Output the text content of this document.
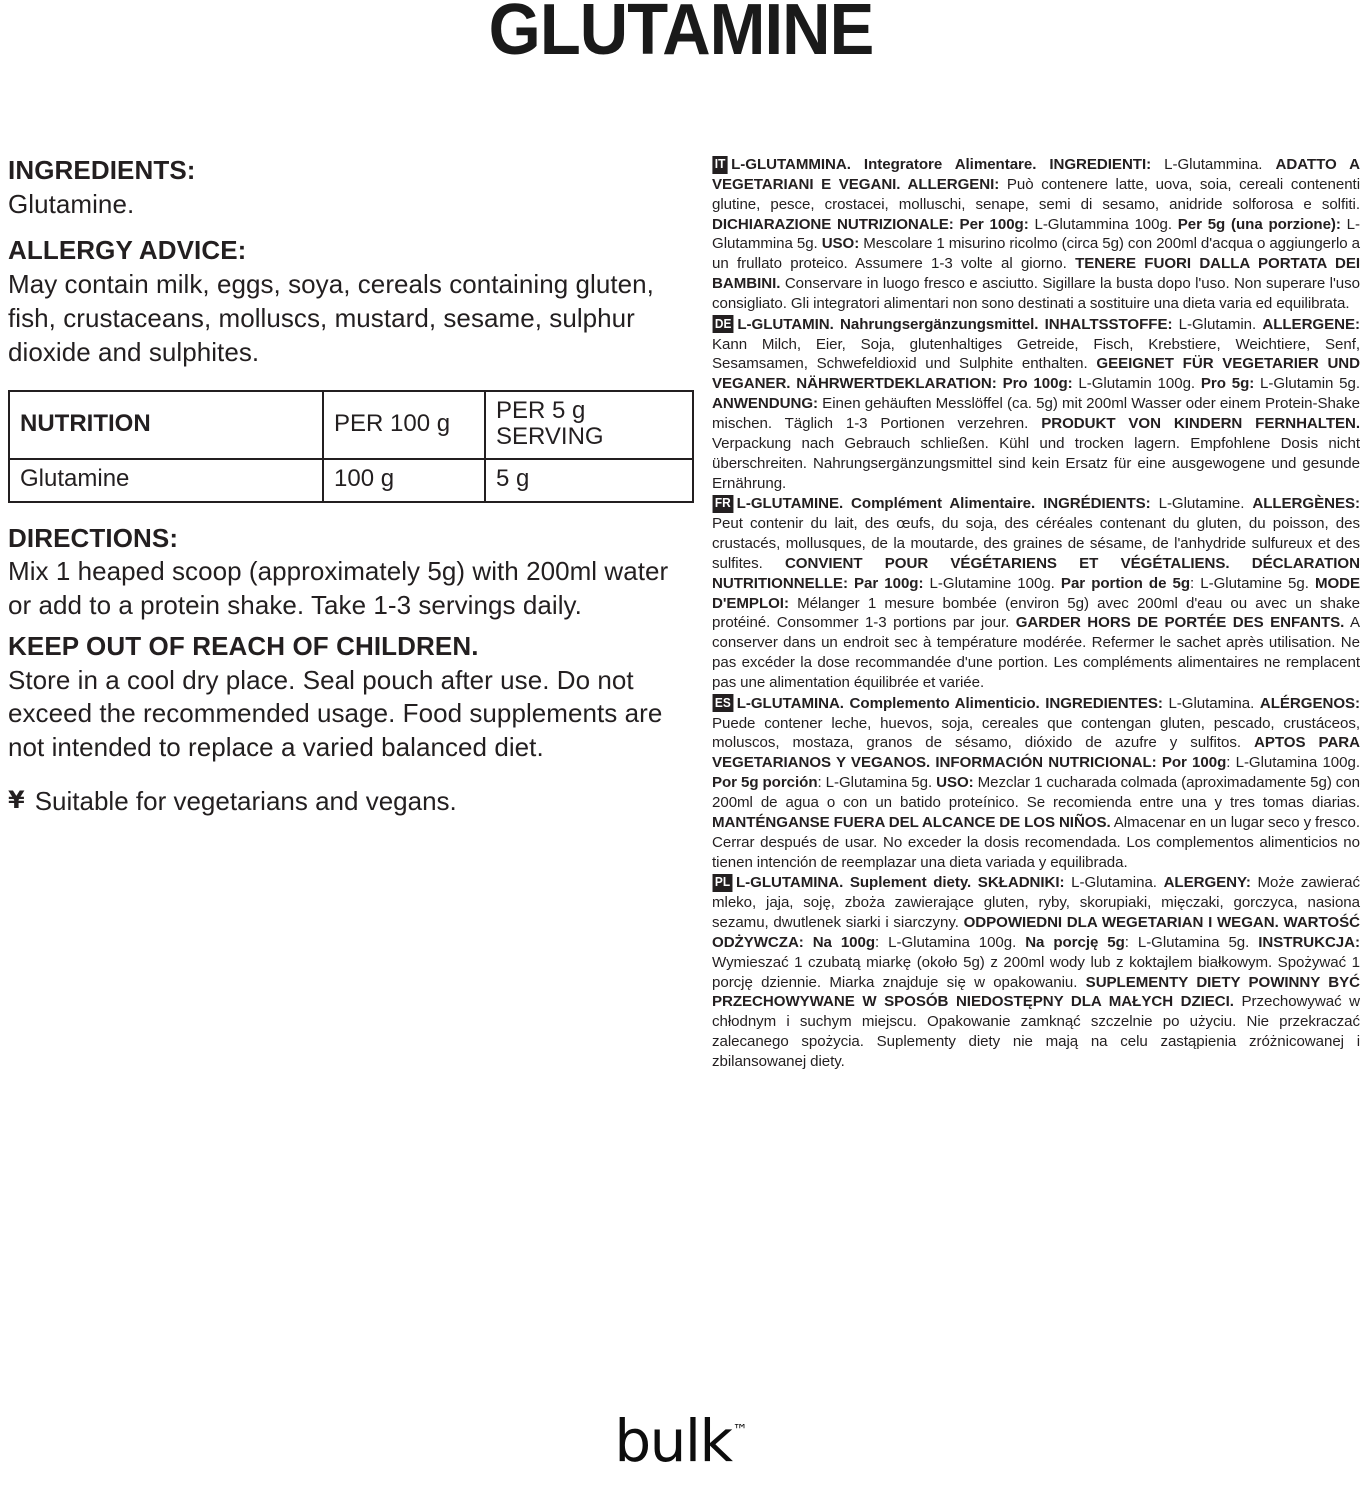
GLUTAMINE
INGREDIENTS:
Glutamine.
ALLERGY ADVICE:
May contain milk, eggs, soya, cereals containing gluten, fish, crustaceans, molluscs, mustard, sesame, sulphur dioxide and sulphites.
NUTRITION	PER 100 g	PER 5 g SERVING
Glutamine	100 g	5 g
DIRECTIONS:
Mix 1 heaped scoop (approximately 5g) with 200ml water or add to a protein shake. Take 1-3 servings daily.
KEEP OUT OF REACH OF CHILDREN.
Store in a cool dry place. Seal pouch after use. Do not exceed the recommended usage. Food supplements are not intended to replace a varied balanced diet.
¥ Suitable for vegetarians and vegans.

IT L-GLUTAMMINA. Integratore Alimentare. INGREDIENTI: L-Glutammina. ADATTO A VEGETARIANI E VEGANI. ALLERGENI: Può contenere latte, uova, soia, cereali contenenti glutine, pesce, crostacei, molluschi, senape, semi di sesamo, anidride solforosa e solfiti. DICHIARAZIONE NUTRIZIONALE: Per 100g: L-Glutammina 100g. Per 5g (una porzione): L-Glutammina 5g. USO: Mescolare 1 misurino ricolmo (circa 5g) con 200ml d'acqua o aggiungerlo a un frullato proteico. Assumere 1-3 volte al giorno. TENERE FUORI DALLA PORTATA DEI BAMBINI. Conservare in luogo fresco e asciutto. Sigillare la busta dopo l'uso. Non superare l'uso consigliato. Gli integratori alimentari non sono destinati a sostituire una dieta varia ed equilibrata.

DE L-GLUTAMIN. Nahrungsergänzungsmittel. INHALTSSTOFFE: L-Glutamin. ALLERGENE: Kann Milch, Eier, Soja, glutenhaltiges Getreide, Fisch, Krebstiere, Weichtiere, Senf, Sesamsamen, Schwefeldioxid und Sulphite enthalten. GEEIGNET FÜR VEGETARIER UND VEGANER. NÄHRWERTDEKLARATION: Pro 100g: L-Glutamin 100g. Pro 5g: L-Glutamin 5g. ANWENDUNG: Einen gehäuften Messlöffel (ca. 5g) mit 200ml Wasser oder einem Protein-Shake mischen. Täglich 1-3 Portionen verzehren. PRODUKT VON KINDERN FERNHALTEN. Verpackung nach Gebrauch schließen. Kühl und trocken lagern. Empfohlene Dosis nicht überschreiten. Nahrungsergänzungsmittel sind kein Ersatz für eine ausgewogene und gesunde Ernährung.

FR L-GLUTAMINE. Complément Alimentaire. INGRÉDIENTS: L-Glutamine. ALLERGÈNES: Peut contenir du lait, des œufs, du soja, des céréales contenant du gluten, du poisson, des crustacés, mollusques, de la moutarde, des graines de sésame, de l'anhydride sulfureux et des sulfites. CONVIENT POUR VÉGÉTARIENS ET VÉGÉTALIENS. DÉCLARATION NUTRITIONNELLE: Par 100g: L-Glutamine 100g. Par portion de 5g: L-Glutamine 5g. MODE D'EMPLOI: Mélanger 1 mesure bombée (environ 5g) avec 200ml d'eau ou avec un shake protéiné. Consommer 1-3 portions par jour. GARDER HORS DE PORTÉE DES ENFANTS. A conserver dans un endroit sec à température modérée. Refermer le sachet après utilisation. Ne pas excéder la dose recommandée d'une portion. Les compléments alimentaires ne remplacent pas une alimentation équilibrée et variée.

ES L-GLUTAMINA. Complemento Alimenticio. INGREDIENTES: L-Glutamina. ALÉRGENOS: Puede contener leche, huevos, soja, cereales que contengan gluten, pescado, crustáceos, moluscos, mostaza, granos de sésamo, dióxido de azufre y sulfitos. APTOS PARA VEGETARIANOS Y VEGANOS. INFORMACIÓN NUTRICIONAL: Por 100g: L-Glutamina 100g. Por 5g porción: L-Glutamina 5g. USO: Mezclar 1 cucharada colmada (aproximadamente 5g) con 200ml de agua o con un batido proteínico. Se recomienda entre una y tres tomas diarias. MANTÉNGANSE FUERA DEL ALCANCE DE LOS NIÑOS. Almacenar en un lugar seco y fresco. Cerrar después de usar. No exceder la dosis recomendada. Los complementos alimenticios no tienen intención de reemplazar una dieta variada y equilibrada.

PL L-GLUTAMINA. Suplement diety. SKŁADNIKI: L-Glutamina. ALERGENY: Może zawierać mleko, jaja, soję, zboża zawierające gluten, ryby, skorupiaki, mięczaki, gorczyca, nasiona sezamu, dwutlenek siarki i siarczyny. ODPOWIEDNI DLA WEGETARIAN I WEGAN. WARTOŚĆ ODŻYWCZA: Na 100g: L-Glutamina 100g. Na porcję 5g: L-Glutamina 5g. INSTRUKCJA: Wymieszać 1 czubatą miarkę (około 5g) z 200ml wody lub z koktajlem białkowym. Spożywać 1 porcję dziennie. Miarka znajduje się w opakowaniu. SUPLEMENTY DIETY POWINNY BYĆ PRZECHOWYWANE W SPOSÓB NIEDOSTĘPNY DLA MAŁYCH DZIECI. Przechowywać w chłodnym i suchym miejscu. Opakowanie zamknąć szczelnie po użyciu. Nie przekraczać zalecanego spożycia. Suplementy diety nie mają na celu zastąpienia zróżnicowanej i zbilansowanej diety.

bulk™
